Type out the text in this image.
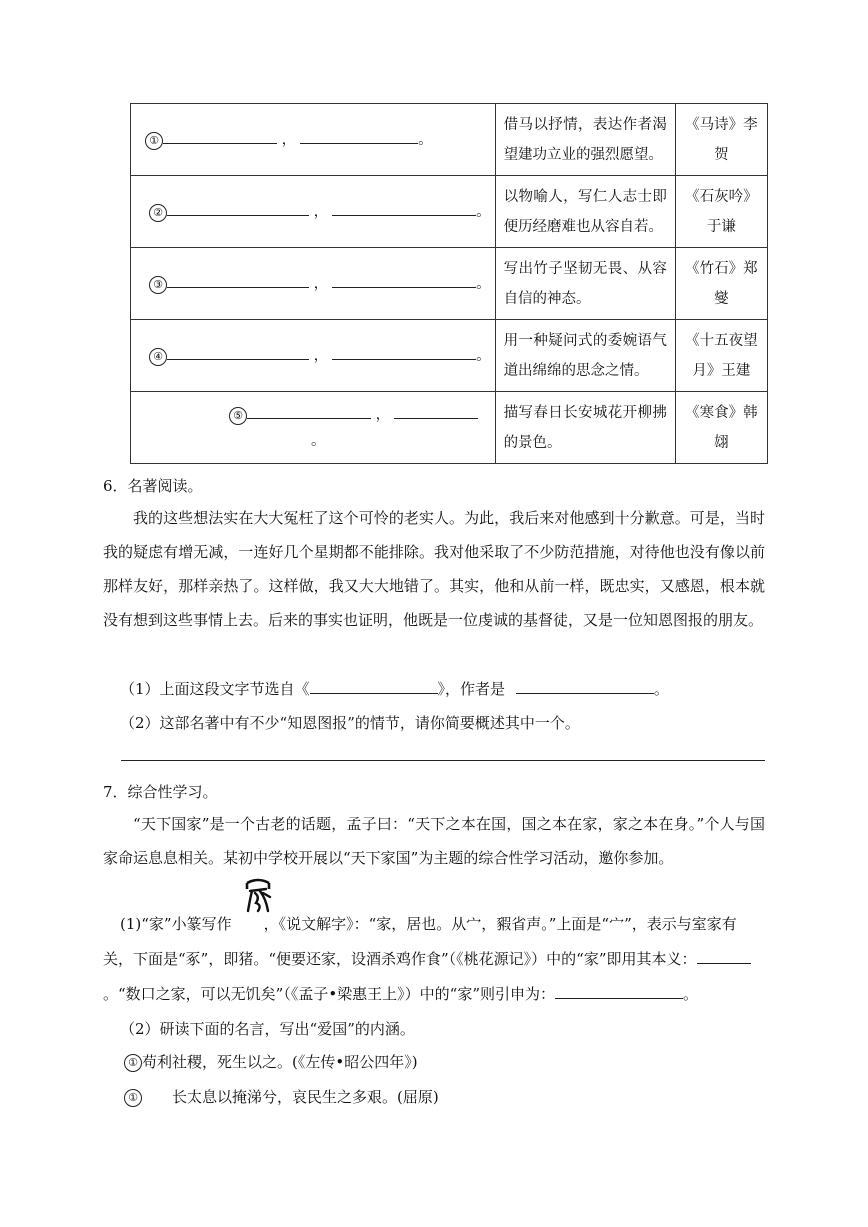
① ， 。	借马以抒情，表达作者渴望建功立业的强烈愿望。	《马诗》李贺

② ， 。	以物喻人，写仁人志士即便历经磨难也从容自若。	《石灰吟》于谦

③ ， 。	写出竹子坚韧无畏、从容自信的神态。	《竹石》郑燮

④ ， 。	用一种疑问式的委婉语气道出绵绵的思念之情。	《十五夜望月》王建

⑤ ，
。	描写春日长安城花开柳拂的景色。	《寒食》韩翃
6．名著阅读。
我的这些想法实在大大冤枉了这个可怜的老实人。为此，我后来对他感到十分歉意。可是，当时我的疑虑有增无减，一连好几个星期都不能排除。我对他采取了不少防范措施，对待他也没有像以前那样友好，那样亲热了。这样做，我又大大地错了。其实，他和从前一样，既忠实，又感恩，根本就没有想到这些事情上去。后来的事实也证明，他既是一位虔诚的基督徒，又是一位知恩图报的朋友。
（1）上面这段文字节选自《	》，作者是	。
（2）这部名著中有不少“知恩图报”的情节，请你简要概述其中一个。
7．综合性学习。
“天下国家”是一个古老的话题，孟子曰：“天下之本在国，国之本在家，家之本在身。”个人与国家命运息息相关。某初中学校开展以“天下家国”为主题的综合性学习活动，邀你参加。
(1)“家”小篆写作 ，《说文解字》：“家，居也。从宀，豭省声。”上面是“宀”，表示与室家有
关，下面是“豖”，即猪。“便要还家，设酒杀鸡作食”（《桃花源记》）中的“家”即用其本义：
。“数口之家，可以无饥矣”（《孟子•梁惠王上》）中的“家”则引申为：	。
（2）研读下面的名言，写出“爱国”的内涵。
① 苟利社稷，死生以之。(《左传•昭公四年》)
① 长太息以掩涕兮，哀民生之多艰。(屈原)
